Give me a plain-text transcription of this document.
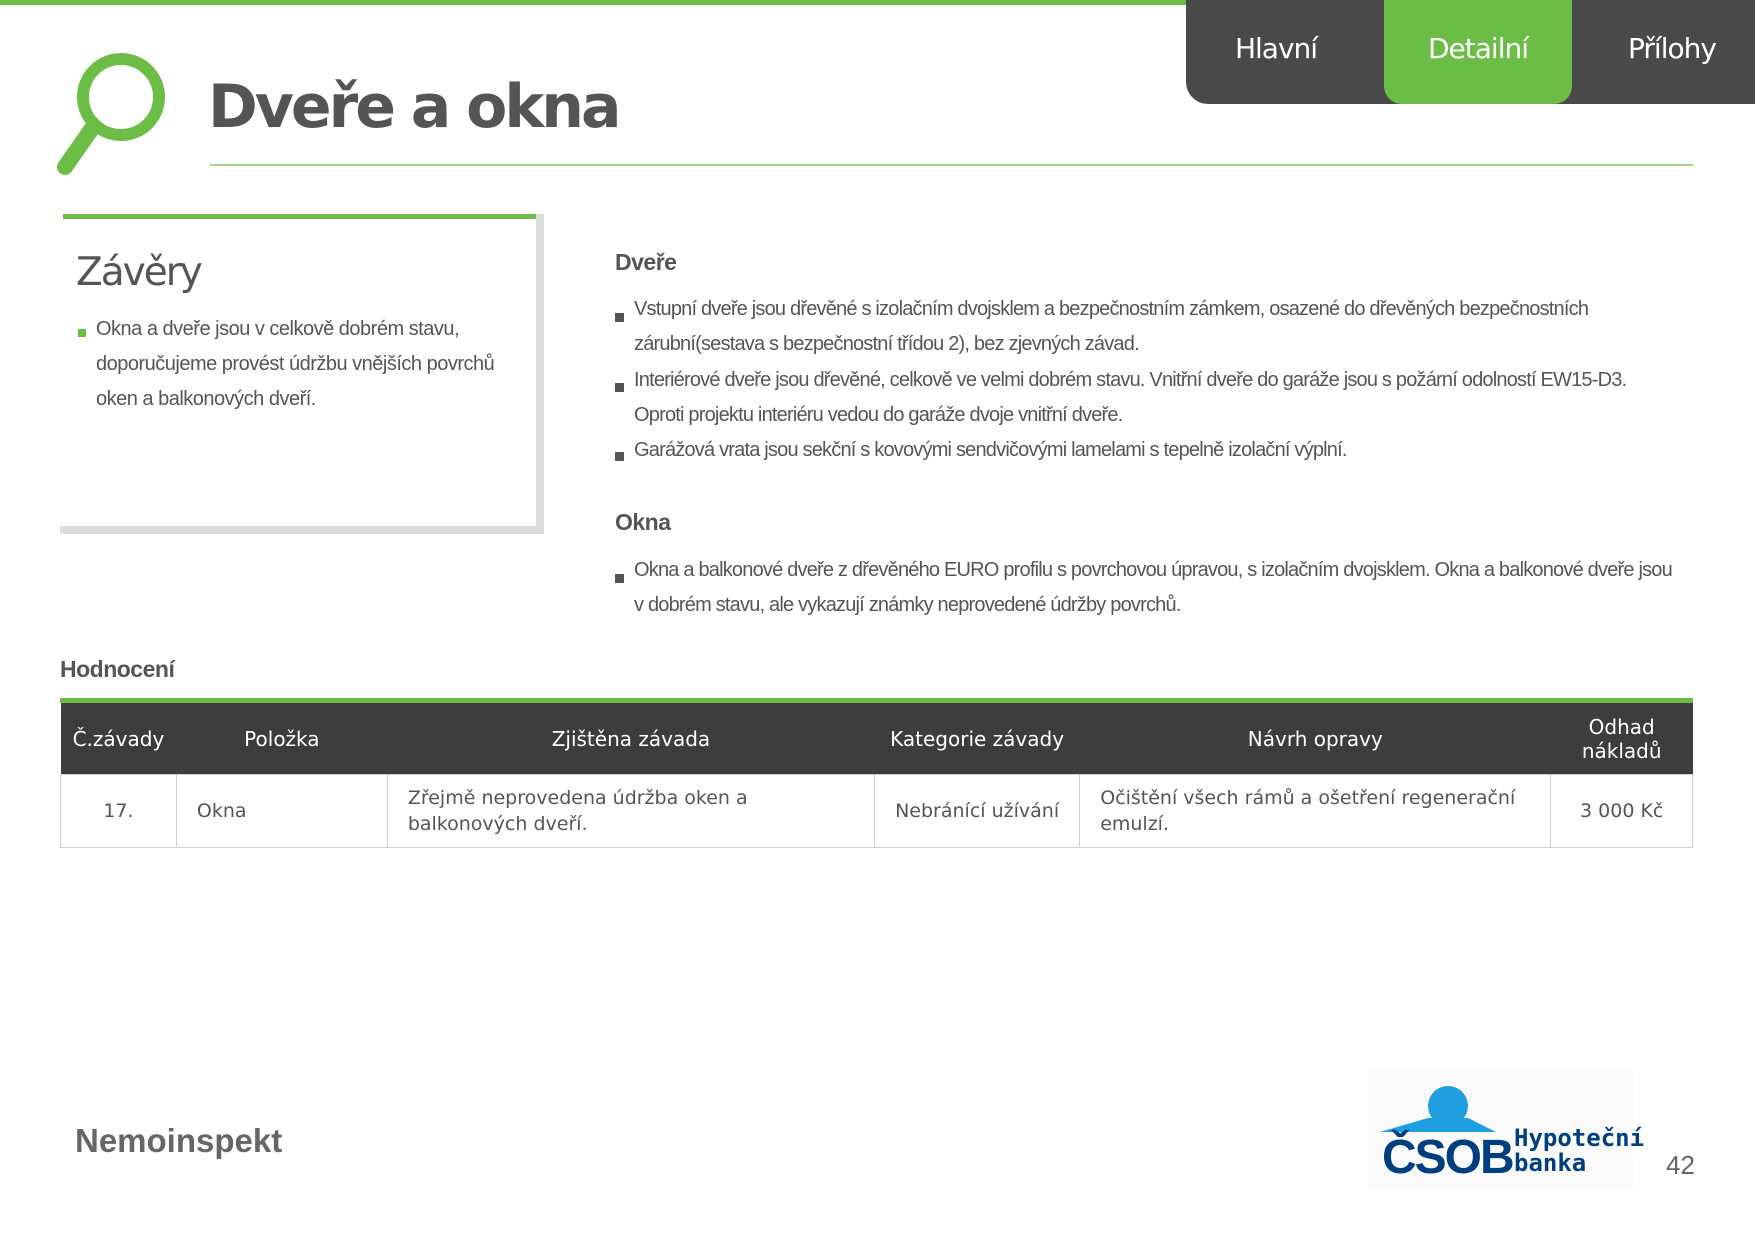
Hlavní zjištění
Detailní zpráva
Přílohy
Dveře a okna
Závěry
Okna a dveře jsou v celkově dobrém stavu, doporučujeme provést údržbu vnějších povrchů oken a balkonových dveří.
Dveře
Vstupní dveře jsou dřevěné s izolačním dvojsklem a bezpečnostním zámkem, osazené do dřevěných bezpečnostních zárubní(sestava s bezpečnostní třídou 2), bez zjevných závad.
Interiérové dveře jsou dřevěné, celkově ve velmi dobrém stavu. Vnitřní dveře do garáže jsou s požární odolností EW15-D3. Oproti projektu interiéru vedou do garáže dvoje vnitřní dveře.
Garážová vrata jsou sekční s kovovými sendvičovými lamelami s tepelně izolační výplní.
Okna
Okna a balkonové dveře z dřevěného EURO profilu s povrchovou úpravou, s izolačním dvojsklem. Okna a balkonové dveře jsou v dobrém stavu, ale vykazují známky neprovedené údržby povrchů.
Hodnocení
Č.závady	Položka	Zjištěna závada	Kategorie závady	Návrh opravy	Odhad nákladů
17.	Okna	Zřejmě neprovedena údržba oken a balkonových dveří.	Nebránící užívání	Očištění všech rámů a ošetření regenerační emulzí.	3 000 Kč
Nemoinspekt	ČSOB Hypoteční
banka	42
